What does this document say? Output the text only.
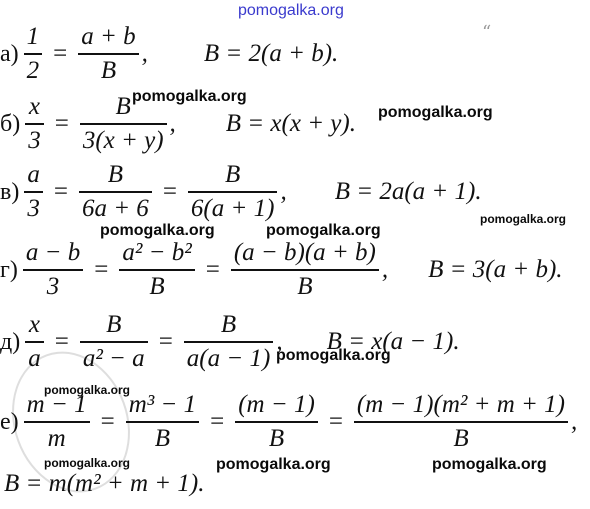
pomogalka.org
“
$а) \frac{1}{2} = \frac{a + b}{B}$ , B = 2(a + b).
$б) \frac{x}{3} = \frac{B}{3(x + y)}$ , B = x(x + y).
pomogalka.org
pomogalka.org
$в) \frac{a}{3} = \frac{B}{6a + 6} = \frac{B}{6(a + 1)}$ , B = 2a(a + 1).
pomogalka.org	pomogalka.org
pomogalka.org
$г) \frac{a - b}{3} = \frac{\text{a² − b²}}{B} = \frac{(a - b)(a + b)}{B}$ , B = 3(a + b).
$д) \frac{x}{a} = \frac{B}{\text{a² − a}} = \frac{B}{a(a - 1)}$ , B = x(a − 1).
pomogalka.org
pomogalka.org
$е) \frac{m - 1}{m} = \frac{\text{m³ − 1}}{B} = \frac{(m - 1)}{B} = \frac{\text{(m − 1)(m² + m + 1)}}{B}$ ,
pomogalka.org	pomogalka.org	pomogalka.org
B = m(m² + m + 1).
